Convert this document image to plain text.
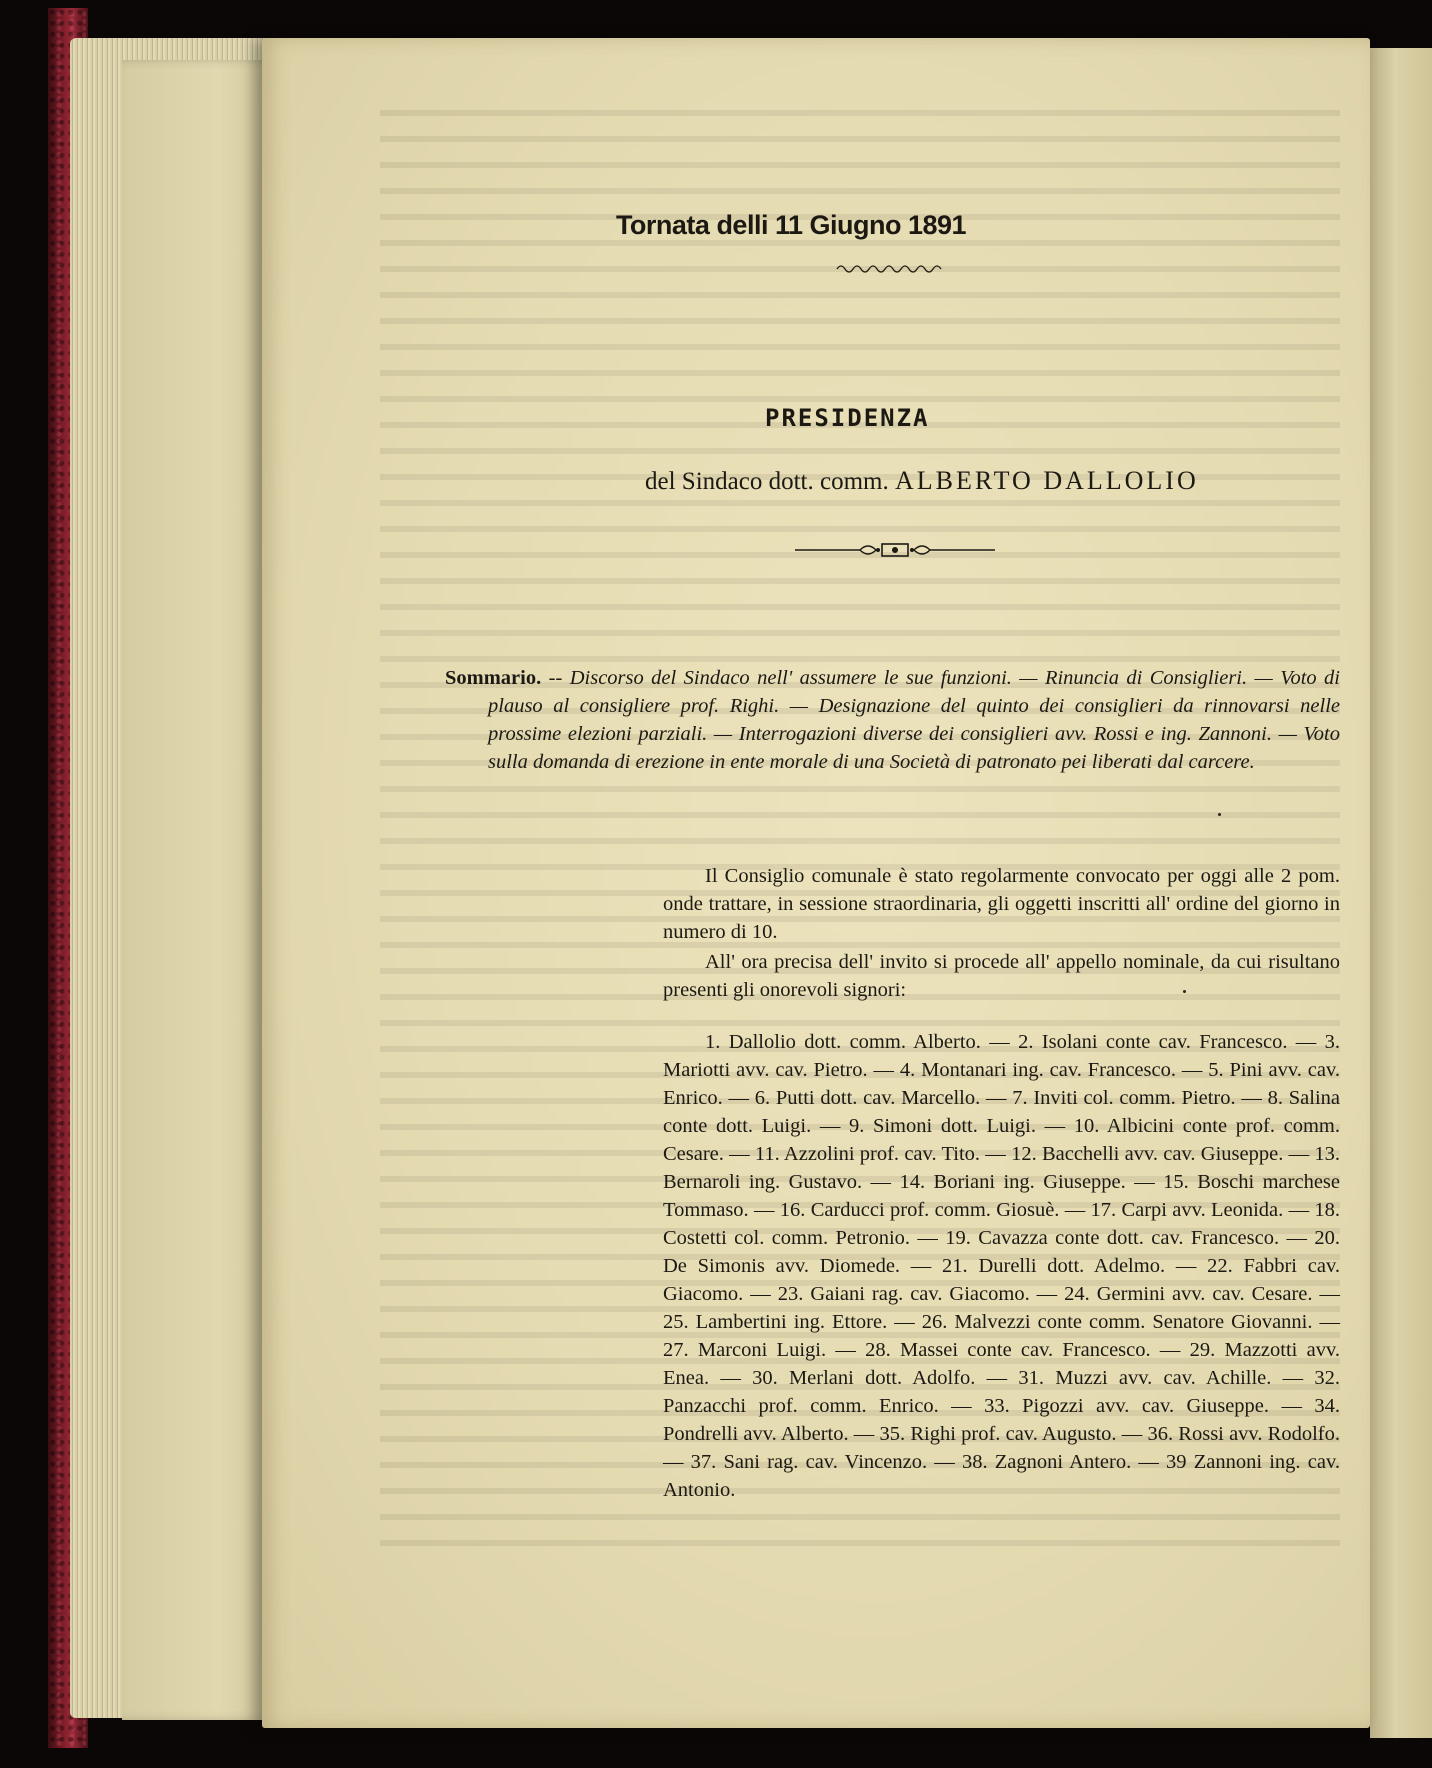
Tornata delli 11 Giugno 1891
PRESIDENZA
del Sindaco dott. comm. ALBERTO DALLOLIO
Sommario. -- Discorso del Sindaco nell' assumere le sue funzioni. — Rinuncia di Consiglieri. — Voto di plauso al consigliere prof. Righi. — Designazione del quinto dei consiglieri da rinnovarsi nelle prossime elezioni parziali. — Interrogazioni diverse dei consiglieri avv. Rossi e ing. Zannoni. — Voto sulla domanda di erezione in ente morale di una Società di patronato pei liberati dal carcere.
Il Consiglio comunale è stato regolarmente convocato per oggi alle 2 pom. onde trattare, in sessione straordinaria, gli oggetti inscritti all' ordine del giorno in numero di 10.
All' ora precisa dell' invito si procede all' appello nominale, da cui risultano presenti gli onorevoli signori:
1. Dallolio dott. comm. Alberto. — 2. Isolani conte cav. Francesco. — 3. Mariotti avv. cav. Pietro. — 4. Montanari ing. cav. Francesco. — 5. Pini avv. cav. Enrico. — 6. Putti dott. cav. Marcello. — 7. Inviti col. comm. Pietro. — 8. Salina conte dott. Luigi. — 9. Simoni dott. Luigi. — 10. Albicini conte prof. comm. Cesare. — 11. Azzolini prof. cav. Tito. — 12. Bacchelli avv. cav. Giuseppe. — 13. Bernaroli ing. Gustavo. — 14. Boriani ing. Giuseppe. — 15. Boschi marchese Tommaso. — 16. Carducci prof. comm. Giosuè. — 17. Carpi avv. Leonida. — 18. Costetti col. comm. Petronio. — 19. Cavazza conte dott. cav. Francesco. — 20. De Simonis avv. Diomede. — 21. Durelli dott. Adelmo. — 22. Fabbri cav. Giacomo. — 23. Gaiani rag. cav. Giacomo. — 24. Germini avv. cav. Cesare. — 25. Lambertini ing. Ettore. — 26. Malvezzi conte comm. Senatore Giovanni. — 27. Marconi Luigi. — 28. Massei conte cav. Francesco. — 29. Mazzotti avv. Enea. — 30. Merlani dott. Adolfo. — 31. Muzzi avv. cav. Achille. — 32. Panzacchi prof. comm. Enrico. — 33. Pigozzi avv. cav. Giuseppe. — 34. Pondrelli avv. Alberto. — 35. Righi prof. cav. Augusto. — 36. Rossi avv. Rodolfo. — 37. Sani rag. cav. Vincenzo. — 38. Zagnoni Antero. — 39 Zannoni ing. cav. Antonio.
